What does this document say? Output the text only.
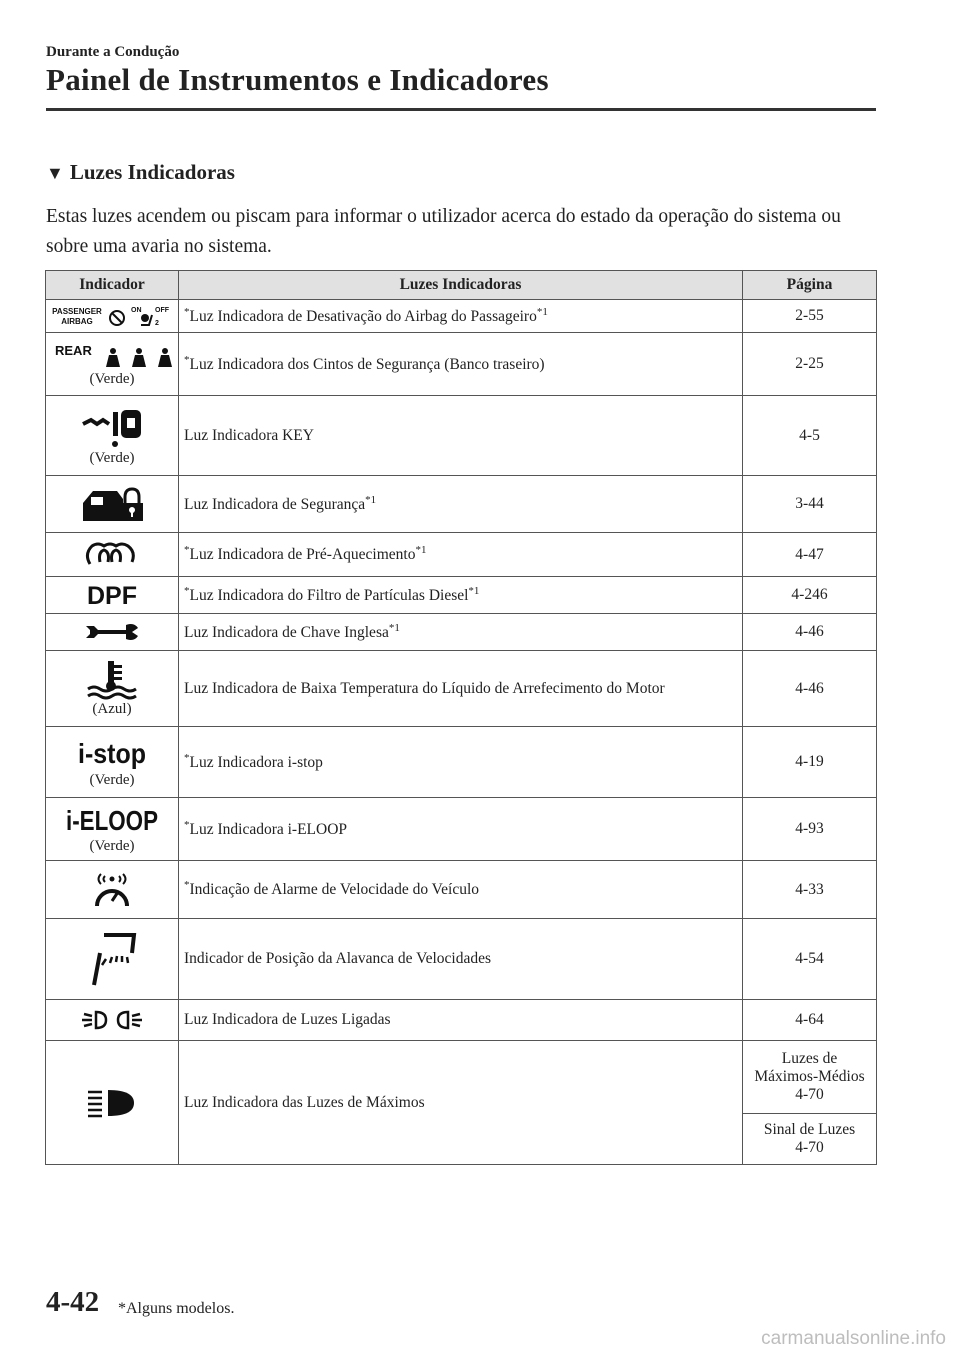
Durante a Condução
Painel de Instrumentos e Indicadores
▼ Luzes Indicadoras
Estas luzes acendem ou piscam para informar o utilizador acerca do estado da operação do sistema ou sobre uma avaria no sistema.
Indicador	Luzes Indicadoras	Página

PASSENGER
AIRBAG
ON OFF
2	*Luz Indicadora de Desativação do Airbag do Passageiro$^{*1}$	2-55

REAR
(Verde)	*Luz Indicadora dos Cintos de Segurança (Banco traseiro)	2-25

(Verde)	Luz Indicadora KEY	4-5

	Luz Indicadora de Segurança$^{*1}$	3-44

	*Luz Indicadora de Pré-Aquecimento$^{*1}$	4-47

DPF	*Luz Indicadora do Filtro de Partículas Diesel$^{*1}$	4-246

	Luz Indicadora de Chave Inglesa$^{*1}$	4-46

(Azul)	Luz Indicadora de Baixa Temperatura do Líquido de Arrefecimento do Motor	4-46

i-stop
(Verde)	*Luz Indicadora i-stop	4-19

i-ELOOP
(Verde)	*Luz Indicadora i-ELOOP	4-93

	*Indicação de Alarme de Velocidade do Veículo	4-33

	Indicador de Posição da Alavanca de Velocidades	4-54

	Luz Indicadora de Luzes Ligadas	4-64

	Luz Indicadora das Luzes de Máximos	Luzes de Máximos-Médios
4-70
		Sinal de Luzes
4-70
4-42 *Alguns modelos.
carmanualsonline.info
